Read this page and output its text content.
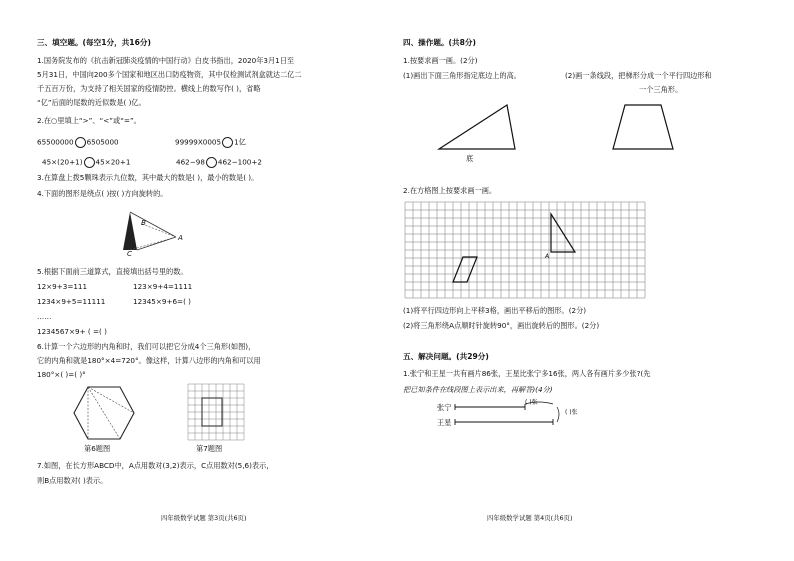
三、填空题。(每空1分，共16分)
1.国务院发布的《抗击新冠肺炎疫情的中国行动》白皮书指出，2020年3月1日至
5月31日，中国向200多个国家和地区出口防疫物资，其中仅检测试剂盒就达二亿二
千五百万份，为支持了相关国家的疫情防控。横线上的数写作( )，省略
“亿”后面的尾数的近似数是( )亿。
2.在○里填上“>”、“<”或“=”。
65500000 6505000	99999X0005 1亿
45×(20+1) 45×20+1	462−98 462−100+2
3.在算盘上拨5颗珠表示九位数，其中最大的数是( )，最小的数是( )。
4.下面的图形是绕点( )按( )方向旋转的。
B
A
C
5.根据下面前三道算式，直接填出括号里的数。
12×9+3=111	123×9+4=1111
1234×9+5=11111	12345×9+6=( )
……
1234567×9+ ( =( )
6.计算一个六边形的内角和时，我们可以把它分成4个三角形(如图)，
它的内角和就是180°×4=720°。像这样，计算八边形的内角和可以用
180°×( )=( )°
第6题图	第7题图
7.如图，在长方形ABCD中，A点用数对(3,2)表示，C点用数对(5,6)表示，
则B点用数对( )表示。
四年级数学试题 第3页(共6页)
四、操作题。(共8分)
1.按要求画一画。(2分)
(1)画出下面三角形指定底边上的高。	(2)画一条线段，把梯形分成一个平行四边形和
一个三角形。
底
2.在方格图上按要求画一画。
A
(1)将平行四边形向上平移3格，画出平移后的图形。(2分)
(2)将三角形绕A点顺时针旋转90°，画出旋转后的图形。(2分)
五、解决问题。(共29分)
1.张宁和王星一共有画片86张，王星比张宁多16张，两人各有画片多少张?(先
把已知条件在线段图上表示出来，再解答)(4分)
张宁
王星
( )张
( )张
四年级数学试题 第4页(共6页)
